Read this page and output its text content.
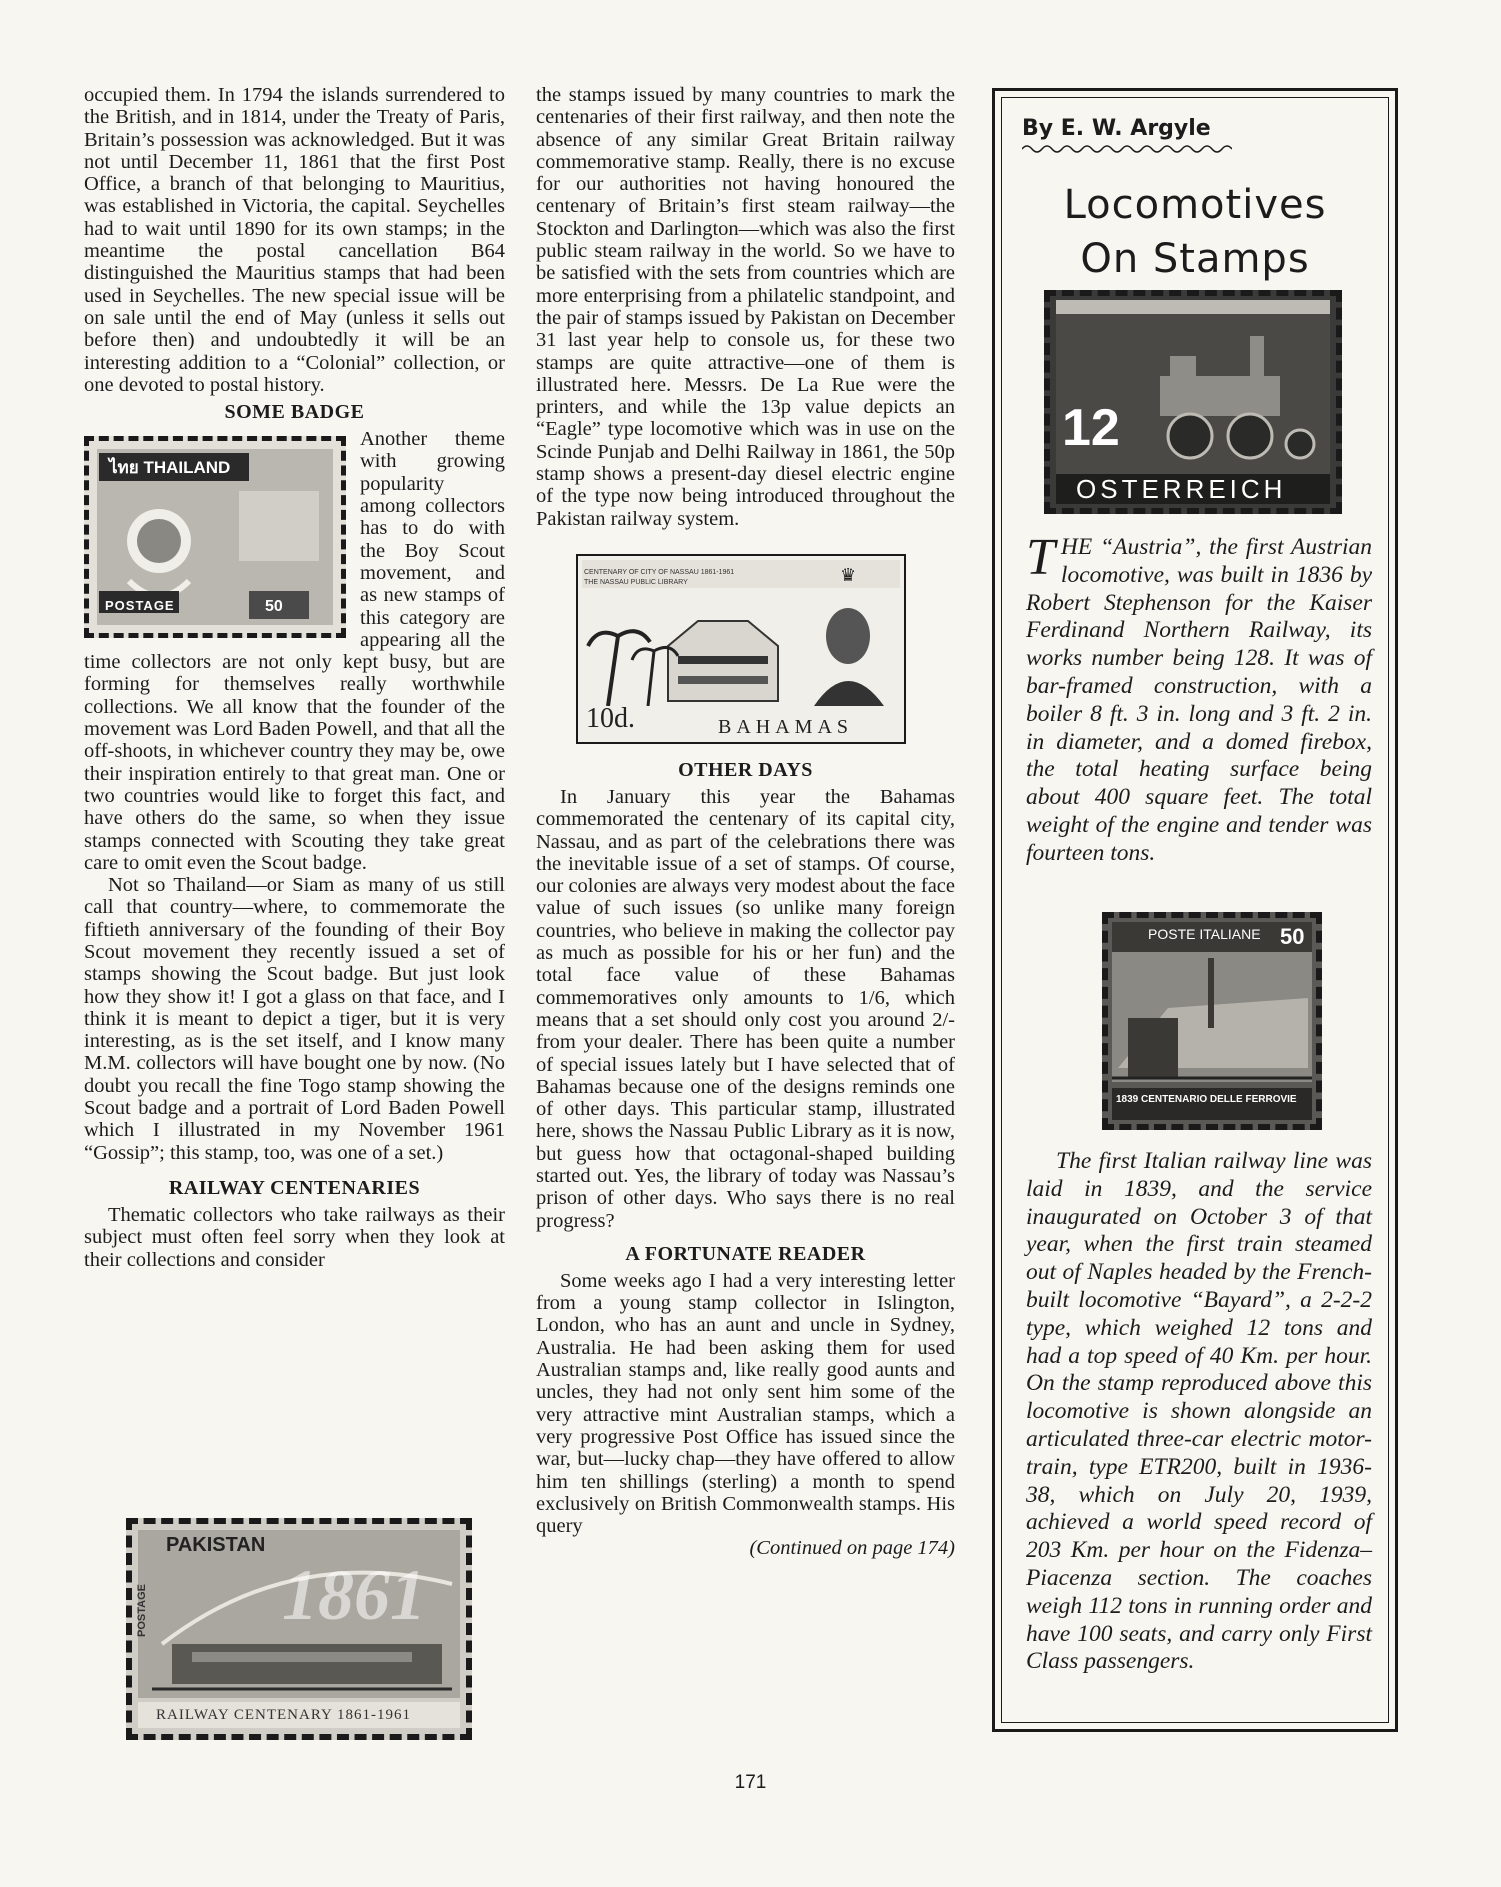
occupied them. In 1794 the islands surrendered to the British, and in 1814, under the Treaty of Paris, Britain’s possession was acknowledged. But it was not until December 11, 1861 that the first Post Office, a branch of that belonging to Mauritius, was established in Victoria, the capital. Seychelles had to wait until 1890 for its own stamps; in the meantime the postal cancellation B64 distinguished the Mauritius stamps that had been used in Seychelles. The new special issue will be on sale until the end of May (unless it sells out before then) and undoubtedly it will be an interesting addition to a “Colonial” collection, or one devoted to postal history.

SOME BADGE
ไทย THAILAND
POSTAGE	50

Another theme with growing popularity among collectors has to do with the Boy Scout movement, and as new stamps of this category are appearing all the time collectors are not only kept busy, but are forming for themselves really worthwhile collections. We all know that the founder of the movement was Lord Baden Powell, and that all the off-shoots, in whichever country they may be, owe their inspiration entirely to that great man. One or two countries would like to forget this fact, and have others do the same, so when they issue stamps connected with Scouting they take great care to omit even the Scout badge.

Not so Thailand—or Siam as many of us still call that country—where, to commemorate the fiftieth anniversary of the founding of their Boy Scout movement they recently issued a set of stamps showing the Scout badge. But just look how they show it! I got a glass on that face, and I think it is meant to depict a tiger, but it is very interesting, as is the set itself, and I know many M.M. collectors will have bought one by now. (No doubt you recall the fine Togo stamp showing the Scout badge and a portrait of Lord Baden Powell which I illustrated in my November 1961 “Gossip”; this stamp, too, was one of a set.)

RAILWAY CENTENARIES

Thematic collectors who take railways as their subject must often feel sorry when they look at their collections and consider

PAKISTAN
1861
POSTAGE
RAILWAY CENTENARY 1861-1961

the stamps issued by many countries to mark the centenaries of their first railway, and then note the absence of any similar Great Britain railway commemorative stamp. Really, there is no excuse for our authorities not having honoured the centenary of Britain’s first steam railway—the Stockton and Darlington—which was also the first public steam railway in the world. So we have to be satisfied with the sets from countries which are more enterprising from a philatelic standpoint, and the pair of stamps issued by Pakistan on December 31 last year help to console us, for these two stamps are quite attractive—one of them is illustrated here. Messrs. De La Rue were the printers, and while the 13p value depicts an “Eagle” type locomotive which was in use on the Scinde Punjab and Delhi Railway in 1861, the 50p stamp shows a present-day diesel electric engine of the type now being introduced throughout the Pakistan railway system.

CENTENARY OF CITY OF NASSAU 1861-1961
THE NASSAU PUBLIC LIBRARY	♛
10d.	BAHAMAS
OTHER DAYS

In January this year the Bahamas commemorated the centenary of its capital city, Nassau, and as part of the celebrations there was the inevitable issue of a set of stamps. Of course, our colonies are always very modest about the face value of such issues (so unlike many foreign countries, who believe in making the collector pay as much as possible for his or her fun) and the total face value of these Bahamas commemoratives only amounts to 1/6, which means that a set should only cost you around 2/- from your dealer. There has been quite a number of special issues lately but I have selected that of Bahamas because one of the designs reminds one of other days. This particular stamp, illustrated here, shows the Nassau Public Library as it is now, but guess how that octagonal-shaped building started out. Yes, the library of today was Nassau’s prison of other days. Who says there is no real progress?

A FORTUNATE READER

Some weeks ago I had a very interesting letter from a young stamp collector in Islington, London, who has an aunt and uncle in Sydney, Australia. He had been asking them for used Australian stamps and, like really good aunts and uncles, they had not only sent him some of the very attractive mint Australian stamps, which a very progressive Post Office has issued since the war, but—lucky chap—they have offered to allow him ten shillings (sterling) a month to spend exclusively on British Commonwealth stamps. His query

(Continued on page 174)

By E. W. Argyle
Locomotives
On Stamps
12
OSTERREICH
T HE “Austria”, the first Austrian locomotive, was built in 1836 by Robert Stephenson for the Kaiser Ferdinand Northern Railway, its works number being 128. It was of bar-framed construction, with a boiler 8 ft. 3 in. long and 3 ft. 2 in. in diameter, and a domed firebox, the total heating surface being about 400 square feet. The total weight of the engine and tender was fourteen tons.

POSTE ITALIANE 50
1839 CENTENARIO DELLE FERROVIE

The first Italian railway line was laid in 1839, and the service inaugurated on October 3 of that year, when the first train steamed out of Naples headed by the French-built locomotive “Bayard”, a 2-2-2 type, which weighed 12 tons and had a top speed of 40 Km. per hour. On the stamp reproduced above this locomotive is shown alongside an articulated three-car electric motor-train, type ETR200, built in 1936-38, which on July 20, 1939, achieved a world speed record of 203 Km. per hour on the Fidenza–Piacenza section. The coaches weigh 112 tons in running order and have 100 seats, and carry only First Class passengers.

171
